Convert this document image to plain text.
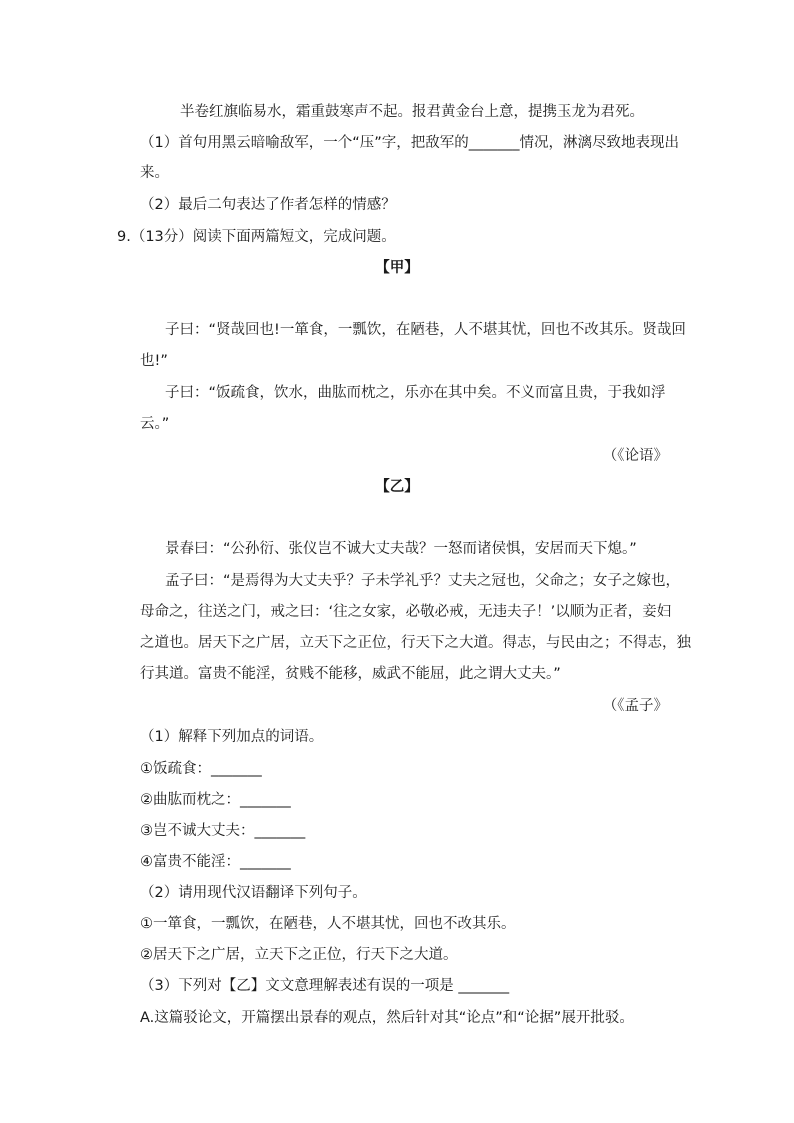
半卷红旗临易水，霜重鼓寒声不起。报君黄金台上意，提携玉龙为君死。
（1）首句用黑云暗喻敌军，一个“压”字，把敌军的_______情况，淋漓尽致地表现出
来。
（2）最后二句表达了作者怎样的情感？
9.（13分）阅读下面两篇短文，完成问题。
【甲】
子曰：“贤哉回也!一箪食，一瓢饮，在陋巷，人不堪其忧，回也不改其乐。贤哉回
也!”
子曰：“饭疏食，饮水，曲肱而枕之，乐亦在其中矣。不义而富且贵，于我如浮
云。”
（《论语》
【乙】
景春曰：“公孙衍、张仪岂不诚大丈夫哉？一怒而诸侯惧，安居而天下熄。”
孟子曰：“是焉得为大丈夫乎？子未学礼乎？丈夫之冠也，父命之；女子之嫁也，
母命之，往送之门，戒之曰：‘往之女家，必敬必戒，无违夫子！’以顺为正者，妾妇
之道也。居天下之广居，立天下之正位，行天下之大道。得志，与民由之；不得志，独
行其道。富贵不能淫，贫贱不能移，威武不能屈，此之谓大丈夫。”
（《孟子》
（1）解释下列加点的词语。
①饭疏食：_______
②曲肱而枕之：_______
③岂不诚大丈夫：_______
④富贵不能淫：_______
（2）请用现代汉语翻译下列句子。
①一箪食，一瓢饮，在陋巷，人不堪其忧，回也不改其乐。
②居天下之广居，立天下之正位，行天下之大道。
（3）下列对【乙】文文意理解表述有误的一项是 _______
A.这篇驳论文，开篇摆出景春的观点，然后针对其“论点”和“论据”展开批驳。
